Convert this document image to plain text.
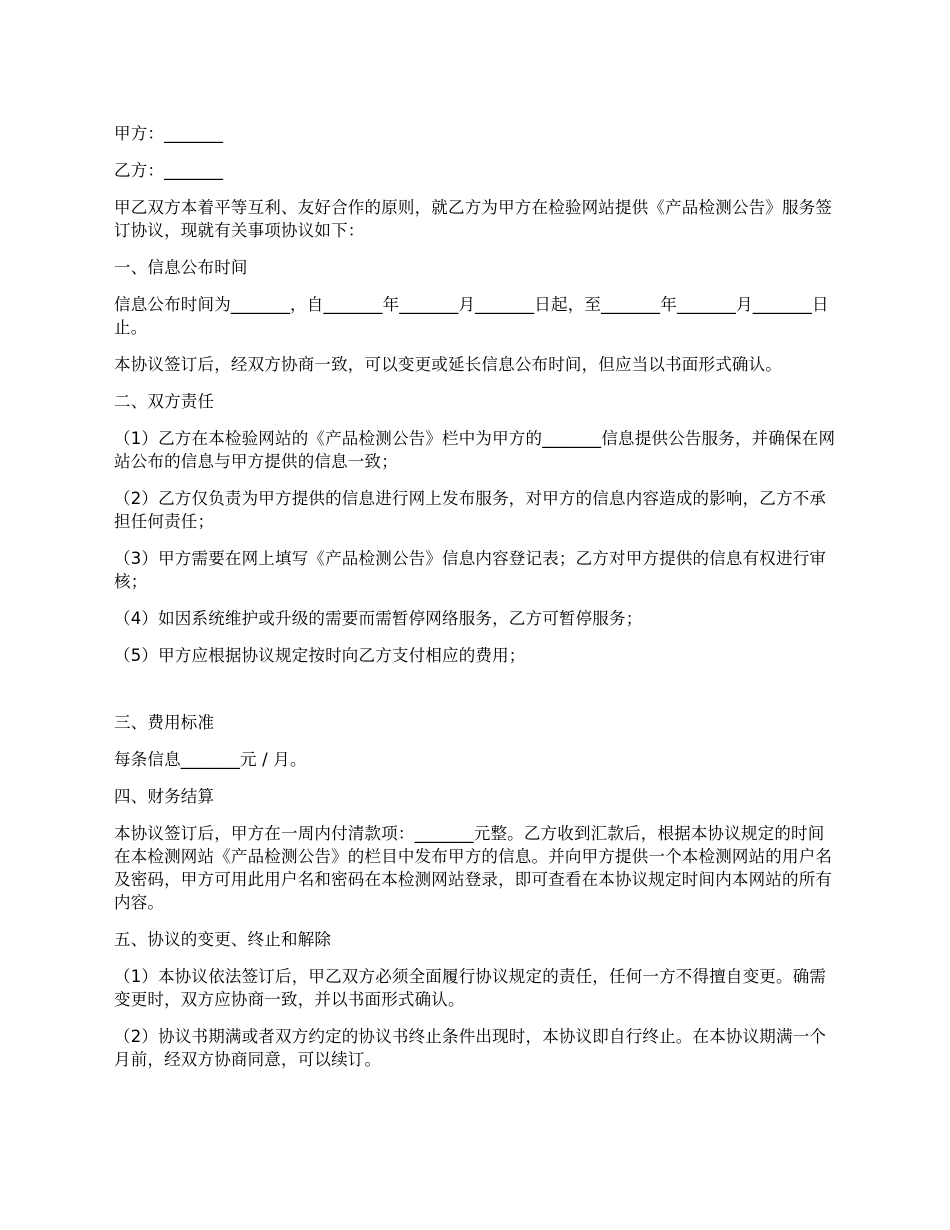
甲方：_______

乙方：_______

甲乙双方本着平等互利、友好合作的原则，就乙方为甲方在检验网站提供《产品检测公告》服务签订协议，现就有关事项协议如下：

一、信息公布时间

信息公布时间为_______，自_______年_______月_______日起，至_______年_______月_______日止。

本协议签订后，经双方协商一致，可以变更或延长信息公布时间，但应当以书面形式确认。

二、双方责任

（1）乙方在本检验网站的《产品检测公告》栏中为甲方的_______信息提供公告服务，并确保在网站公布的信息与甲方提供的信息一致；

（2）乙方仅负责为甲方提供的信息进行网上发布服务，对甲方的信息内容造成的影响，乙方不承担任何责任；

（3）甲方需要在网上填写《产品检测公告》信息内容登记表；乙方对甲方提供的信息有权进行审核；

（4）如因系统维护或升级的需要而需暂停网络服务，乙方可暂停服务；

（5）甲方应根据协议规定按时向乙方支付相应的费用；

三、费用标准

每条信息_______元 / 月。

四、财务结算

本协议签订后，甲方在一周内付清款项：_______元整。乙方收到汇款后，根据本协议规定的时间在本检测网站《产品检测公告》的栏目中发布甲方的信息。并向甲方提供一个本检测网站的用户名及密码，甲方可用此用户名和密码在本检测网站登录，即可查看在本协议规定时间内本网站的所有内容。

五、协议的变更、终止和解除

（1）本协议依法签订后，甲乙双方必须全面履行协议规定的责任，任何一方不得擅自变更。确需变更时，双方应协商一致，并以书面形式确认。

（2）协议书期满或者双方约定的协议书终止条件出现时，本协议即自行终止。在本协议期满一个月前，经双方协商同意，可以续订。
